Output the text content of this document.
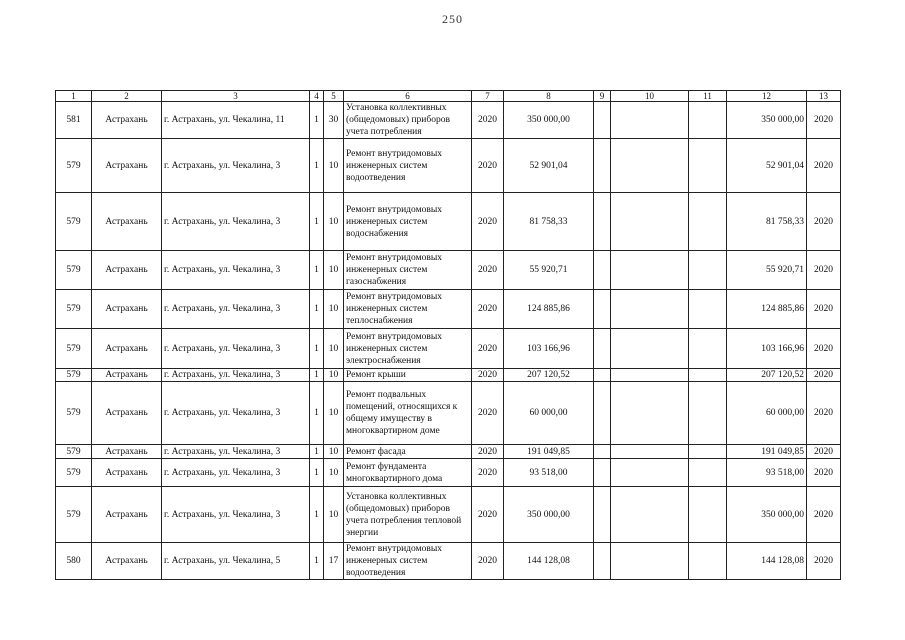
250
1	2	3	4	5	6	7	8	9	10	11	12	13
581	Астрахань	г. Астрахань, ул. Чекалина, 11	1	30	Установка коллективных (общедомовых) приборов учета потребления	2020	350 000,00				350 000,00	2020
579	Астрахань	г. Астрахань, ул. Чекалина, 3	1	10	Ремонт внутридомовых инженерных систем водоотведения	2020	52 901,04				52 901,04	2020
579	Астрахань	г. Астрахань, ул. Чекалина, 3	1	10	Ремонт внутридомовых инженерных систем водоснабжения	2020	81 758,33				81 758,33	2020
579	Астрахань	г. Астрахань, ул. Чекалина, 3	1	10	Ремонт внутридомовых инженерных систем газоснабжения	2020	55 920,71				55 920,71	2020
579	Астрахань	г. Астрахань, ул. Чекалина, 3	1	10	Ремонт внутридомовых инженерных систем теплоснабжения	2020	124 885,86				124 885,86	2020
579	Астрахань	г. Астрахань, ул. Чекалина, 3	1	10	Ремонт внутридомовых инженерных систем электроснабжения	2020	103 166,96				103 166,96	2020
579	Астрахань	г. Астрахань, ул. Чекалина, 3	1	10	Ремонт крыши	2020	207 120,52				207 120,52	2020
579	Астрахань	г. Астрахань, ул. Чекалина, 3	1	10	Ремонт подвальных помещений, относящихся к общему имуществу в многоквартирном доме	2020	60 000,00				60 000,00	2020
579	Астрахань	г. Астрахань, ул. Чекалина, 3	1	10	Ремонт фасада	2020	191 049,85				191 049,85	2020
579	Астрахань	г. Астрахань, ул. Чекалина, 3	1	10	Ремонт фундамента многоквартирного дома	2020	93 518,00				93 518,00	2020
579	Астрахань	г. Астрахань, ул. Чекалина, 3	1	10	Установка коллективных (общедомовых) приборов учета потребления тепловой энергии	2020	350 000,00				350 000,00	2020
580	Астрахань	г. Астрахань, ул. Чекалина, 5	1	17	Ремонт внутридомовых инженерных систем водоотведения	2020	144 128,08				144 128,08	2020
